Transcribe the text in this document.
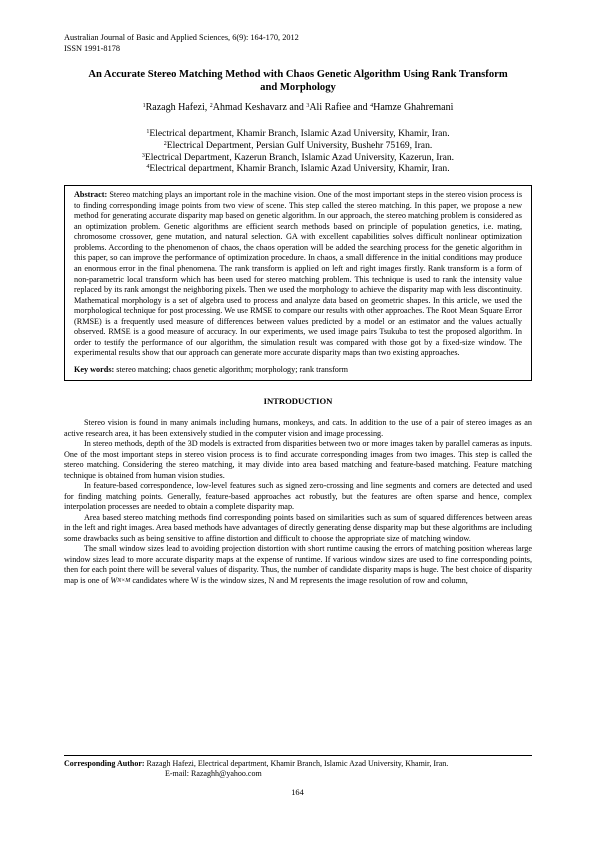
Australian Journal of Basic and Applied Sciences, 6(9): 164-170, 2012
ISSN 1991-8178
An Accurate Stereo Matching Method with Chaos Genetic Algorithm Using Rank Transform and Morphology
$^1$Razagh Hafezi, $^2$Ahmad Keshavarz and $^3$Ali Rafiee and $^4$Hamze Ghahremani
$^1$Electrical department, Khamir Branch, Islamic Azad University, Khamir, Iran.
$^2$Electrical Department, Persian Gulf University, Bushehr 75169, Iran.
$^3$Electrical Department, Kazerun Branch, Islamic Azad University, Kazerun, Iran.
$^4$Electrical department, Khamir Branch, Islamic Azad University, Khamir, Iran.

Abstract: Stereo matching plays an important role in the machine vision. One of the most important steps in the stereo vision process is to finding corresponding image points from two view of scene. This step called the stereo matching. In this paper, we propose a new method for generating accurate disparity map based on genetic algorithm. In our approach, the stereo matching problem is considered as an optimization problem. Genetic algorithms are efficient search methods based on principle of population genetics, i.e. mating, chromosome crossover, gene mutation, and natural selection. GA with excellent capabilities solves difficult nonlinear optimization problems. According to the phenomenon of chaos, the chaos operation will be added the searching process for the genetic algorithm in this paper, so can improve the performance of optimization procedure. In chaos, a small difference in the initial conditions may produce an enormous error in the final phenomena. The rank transform is applied on left and right images firstly. Rank transform is a form of non-parametric local transform which has been used for stereo matching problem. This technique is used to rank the intensity value replaced by its rank amongst the neighboring pixels. Then we used the morphology to achieve the disparity map with less discontinuity. Mathematical morphology is a set of algebra used to process and analyze data based on geometric shapes. In this article, we used the morphological technique for post processing. We use RMSE to compare our results with other approaches. The Root Mean Square Error (RMSE) is a frequently used measure of differences between values predicted by a model or an estimator and the values actually observed. RMSE is a good measure of accuracy. In our experiments, we used image pairs Tsukuba to test the proposed algorithm. In order to testify the performance of our algorithm, the simulation result was compared with those got by a fixed-size window. The experimental results show that our approach can generate more accurate disparity maps than two existing approaches.

Key words: stereo matching; chaos genetic algorithm; morphology; rank transform
INTRODUCTION

Stereo vision is found in many animals including humans, monkeys, and cats. In addition to the use of a pair of stereo images as an active research area, it has been extensively studied in the computer vision and image processing.

In stereo methods, depth of the 3D models is extracted from disparities between two or more images taken by parallel cameras as inputs. One of the most important steps in stereo vision process is to find accurate corresponding images from two images. This step is called the stereo matching. Considering the stereo matching, it may divide into area based matching and feature-based matching. Feature matching technique is obtained from human vision studies.

In feature-based correspondence, low-level features such as signed zero-crossing and line segments and corners are detected and used for finding matching points. Generally, feature-based approaches act robustly, but the features are often sparse and hence, complex interpolation processes are needed to obtain a complete disparity map.

Area based stereo matching methods find corresponding points based on similarities such as sum of squared differences between areas in the left and right images. Area based methods have advantages of directly generating dense disparity map but these algorithms are including some drawbacks such as being sensitive to affine distortion and difficult to choose the appropriate size of matching window.

The small window sizes lead to avoiding projection distortion with short runtime causing the errors of matching position whereas large window sizes lead to more accurate disparity maps at the expense of runtime. If various window sizes are used to fine corresponding points, then for each point there will be several values of disparity. Thus, the number of candidate disparity maps is huge. The best choice of disparity map is one of $W^{N\times M}$ candidates where W is the window sizes, N and M represents the image resolution of row and column,

Corresponding Author: Razagh Hafezi, Electrical department, Khamir Branch, Islamic Azad University, Khamir, Iran.
E-mail: Razaghh@yahoo.com
164
